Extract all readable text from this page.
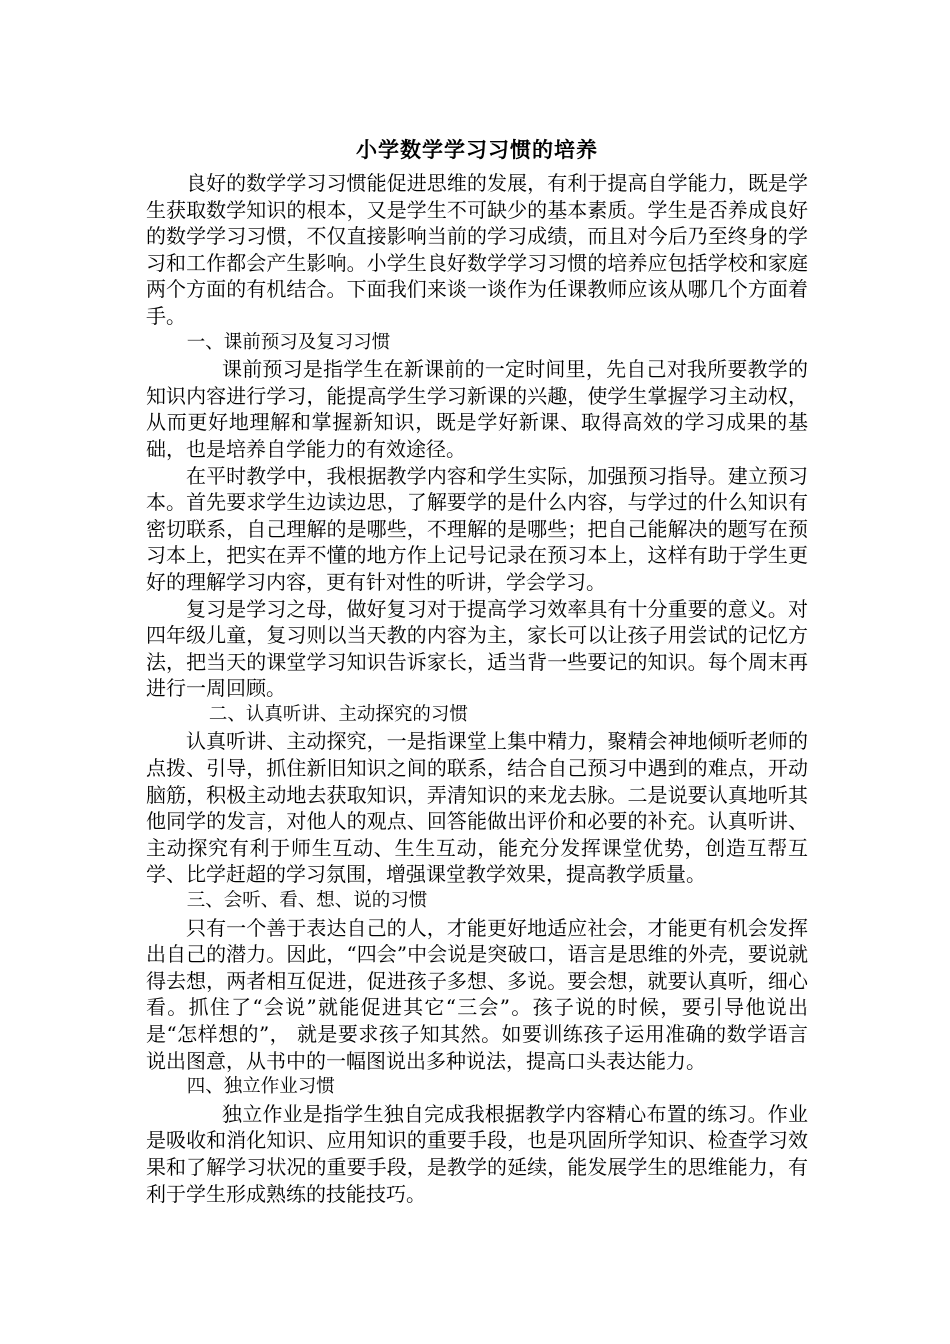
小学数学学习习惯的培养

良好的数学学习习惯能促进思维的发展，有利于提高自学能力，既是学生获取数学知识的根本，又是学生不可缺少的基本素质。学生是否养成良好的数学学习习惯，不仅直接影响当前的学习成绩，而且对今后乃至终身的学习和工作都会产生影响。小学生良好数学学习习惯的培养应包括学校和家庭两个方面的有机结合。下面我们来谈一谈作为任课教师应该从哪几个方面着手。

一、课前预习及复习习惯

课前预习是指学生在新课前的一定时间里，先自己对我所要教学的知识内容进行学习，能提高学生学习新课的兴趣，使学生掌握学习主动权，从而更好地理解和掌握新知识，既是学好新课、取得高效的学习成果的基础，也是培养自学能力的有效途径。

在平时教学中，我根据教学内容和学生实际，加强预习指导。建立预习本。首先要求学生边读边思，了解要学的是什么内容，与学过的什么知识有密切联系，自己理解的是哪些，不理解的是哪些；把自己能解决的题写在预习本上，把实在弄不懂的地方作上记号记录在预习本上，这样有助于学生更好的理解学习内容，更有针对性的听讲，学会学习。

复习是学习之母，做好复习对于提高学习效率具有十分重要的意义。对四年级儿童，复习则以当天教的内容为主，家长可以让孩子用尝试的记忆方法，把当天的课堂学习知识告诉家长，适当背一些要记的知识。每个周末再进行一周回顾。

二、认真听讲、主动探究的习惯

认真听讲、主动探究，一是指课堂上集中精力，聚精会神地倾听老师的点拨、引导，抓住新旧知识之间的联系，结合自己预习中遇到的难点，开动脑筋，积极主动地去获取知识，弄清知识的来龙去脉。二是说要认真地听其他同学的发言，对他人的观点、回答能做出评价和必要的补充。认真听讲、主动探究有利于师生互动、生生互动，能充分发挥课堂优势，创造互帮互学、比学赶超的学习氛围，增强课堂教学效果，提高教学质量。

三、会听、看、想、说的习惯

只有一个善于表达自己的人，才能更好地适应社会，才能更有机会发挥出自己的潜力。因此，“四会”中会说是突破口，语言是思维的外壳，要说就得去想，两者相互促进，促进孩子多想、多说。要会想，就要认真听，细心看。抓住了“会说”就能促进其它“三会”。孩子说的时候，要引导他说出是“怎样想的”， 就是要求孩子知其然。如要训练孩子运用准确的数学语言说出图意，从书中的一幅图说出多种说法，提高口头表达能力。

四、独立作业习惯

独立作业是指学生独自完成我根据教学内容精心布置的练习。作业是吸收和消化知识、应用知识的重要手段，也是巩固所学知识、检查学习效果和了解学习状况的重要手段，是教学的延续，能发展学生的思维能力，有利于学生形成熟练的技能技巧。
